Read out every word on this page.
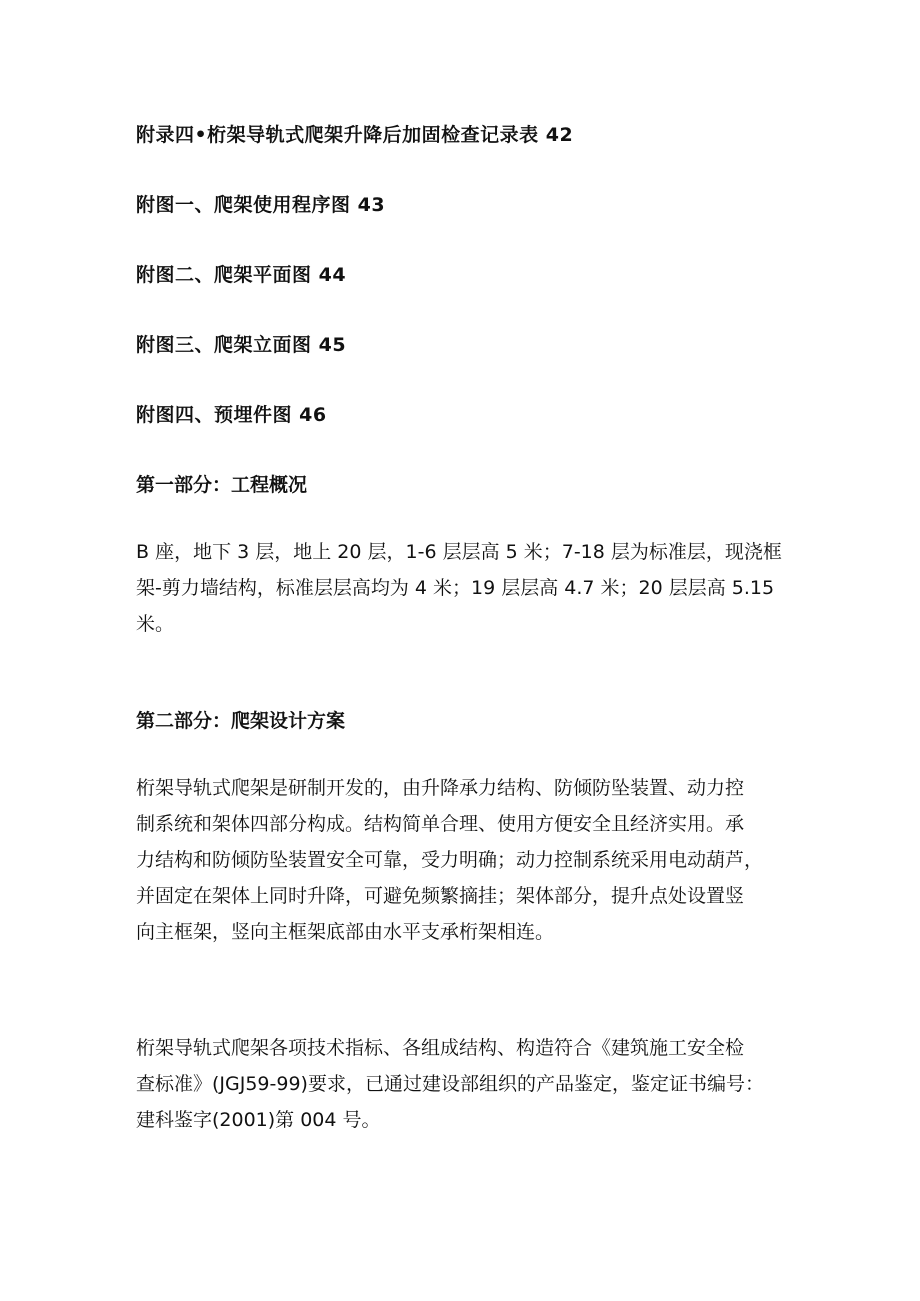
附录四•桁架导轨式爬架升降后加固检查记录表 42
附图一、爬架使用程序图 43
附图二、爬架平面图 44
附图三、爬架立面图 45
附图四、预埋件图 46
第一部分：工程概况
B 座，地下 3 层，地上 20 层，1-6 层层高 5 米；7-18 层为标准层，现浇框
架-剪力墙结构，标准层层高均为 4 米；19 层层高 4.7 米；20 层层高 5.15
米。
第二部分：爬架设计方案
桁架导轨式爬架是研制开发的，由升降承力结构、防倾防坠装置、动力控
制系统和架体四部分构成。结构简单合理、使用方便安全且经济实用。承
力结构和防倾防坠装置安全可靠，受力明确；动力控制系统采用电动葫芦，
并固定在架体上同时升降，可避免频繁摘挂；架体部分，提升点处设置竖
向主框架，竖向主框架底部由水平支承桁架相连。
桁架导轨式爬架各项技术指标、各组成结构、构造符合《建筑施工安全检
查标准》(JGJ59-99)要求，已通过建设部组织的产品鉴定，鉴定证书编号：
建科鉴字(2001)第 004 号。
